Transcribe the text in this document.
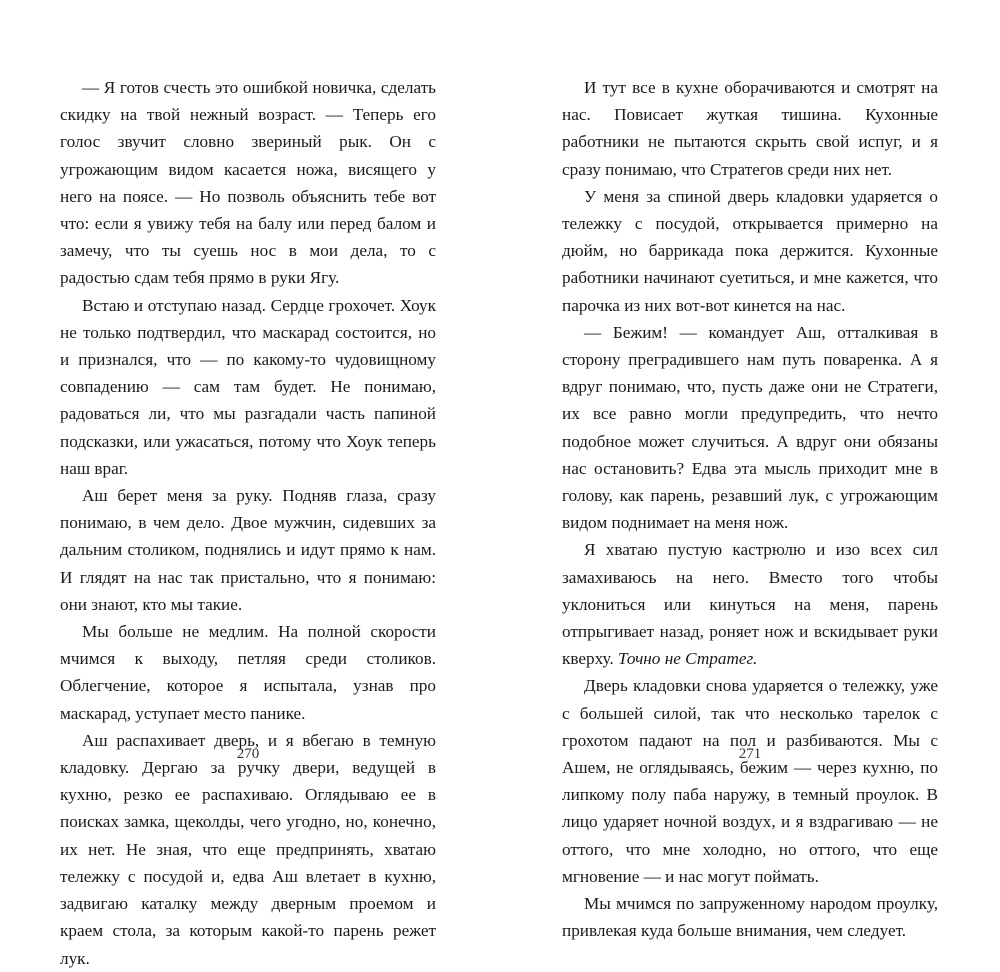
— Я готов счесть это ошибкой новичка, сделать скидку на твой нежный возраст. — Теперь его голос звучит словно звериный рык. Он с угрожающим видом касается ножа, висящего у него на поясе. — Но позволь объяснить тебе вот что: если я увижу тебя на балу или перед балом и замечу, что ты суешь нос в мои дела, то с радостью сдам тебя прямо в руки Ягу.

Встаю и отступаю назад. Сердце грохочет. Хоук не только подтвердил, что маскарад состоится, но и признался, что — по какому-то чудовищному совпадению — сам там будет. Не понимаю, радоваться ли, что мы разгадали часть папиной подсказки, или ужасаться, потому что Хоук теперь наш враг.

Аш берет меня за руку. Подняв глаза, сразу понимаю, в чем дело. Двое мужчин, сидевших за дальним столиком, поднялись и идут прямо к нам. И глядят на нас так пристально, что я понимаю: они знают, кто мы такие.

Мы больше не медлим. На полной скорости мчимся к выходу, петляя среди столиков. Облегчение, которое я испытала, узнав про маскарад, уступает место панике.

Аш распахивает дверь, и я вбегаю в темную кладовку. Дергаю за ручку двери, ведущей в кухню, резко ее распахиваю. Оглядываю ее в поисках замка, щеколды, чего угодно, но, конечно, их нет. Не зная, что еще предпринять, хватаю тележку с посудой и, едва Аш влетает в кухню, задвигаю каталку между дверным проемом и краем стола, за которым какой-то парень режет лук.

270

И тут все в кухне оборачиваются и смотрят на нас. Повисает жуткая тишина. Кухонные работники не пытаются скрыть свой испуг, и я сразу понимаю, что Стратегов среди них нет.

У меня за спиной дверь кладовки ударяется о тележку с посудой, открывается примерно на дюйм, но баррикада пока держится. Кухонные работники начинают суетиться, и мне кажется, что парочка из них вот-вот кинется на нас.

— Бежим! — командует Аш, отталкивая в сторону преградившего нам путь поваренка. А я вдруг понимаю, что, пусть даже они не Стратеги, их все равно могли предупредить, что нечто подобное может случиться. А вдруг они обязаны нас остановить? Едва эта мысль приходит мне в голову, как парень, резавший лук, с угрожающим видом поднимает на меня нож.

Я хватаю пустую кастрюлю и изо всех сил замахиваюсь на него. Вместо того чтобы уклониться или кинуться на меня, парень отпрыгивает назад, роняет нож и вскидывает руки кверху. Точно не Стратег.

Дверь кладовки снова ударяется о тележку, уже с большей силой, так что несколько тарелок с грохотом падают на пол и разбиваются. Мы с Ашем, не оглядываясь, бежим — через кухню, по липкому полу паба наружу, в темный проулок. В лицо ударяет ночной воздух, и я вздрагиваю — не оттого, что мне холодно, но оттого, что еще мгновение — и нас могут поймать.

Мы мчимся по запруженному народом проулку, привлекая куда больше внимания, чем следует.

271
